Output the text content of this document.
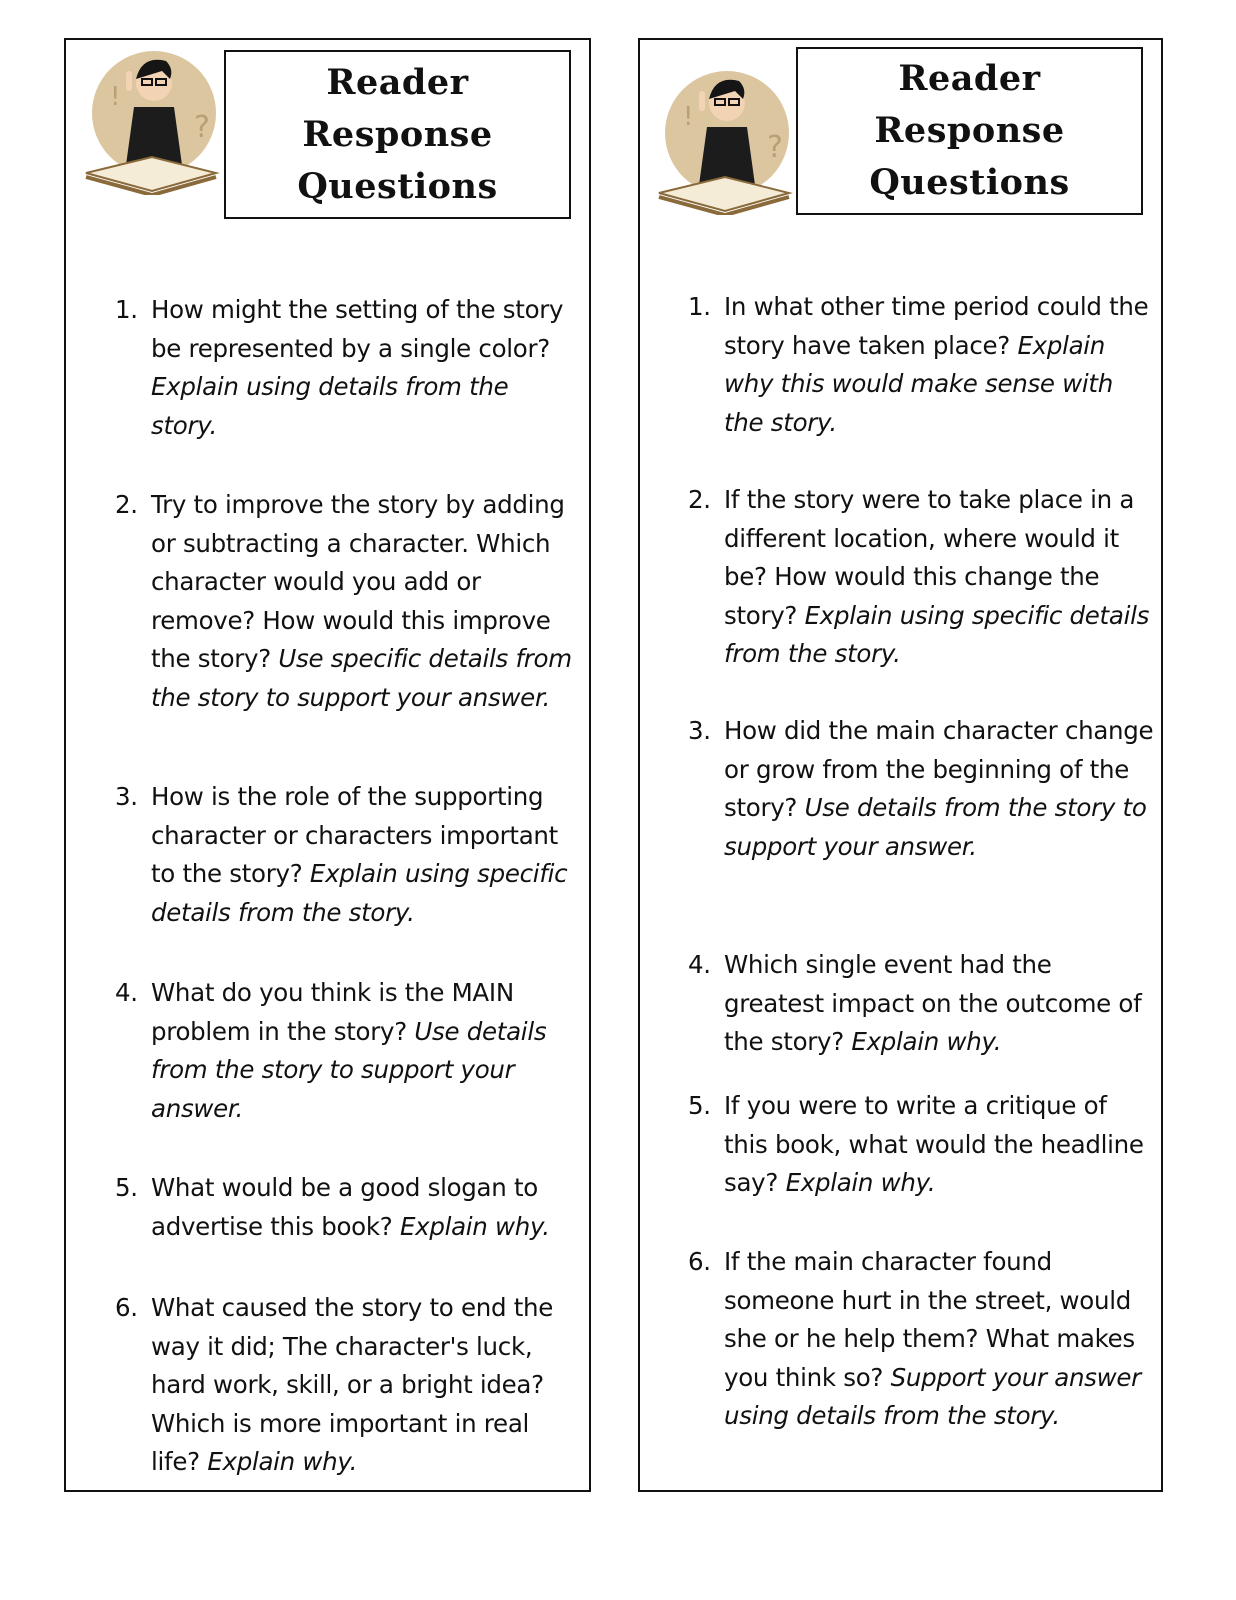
!
?	!
?
Reader
Response
Questions
Reader
Response
Questions
1. How might the setting of the story be represented by a single color? Explain using details from the story.
2. Try to improve the story by adding or subtracting a character. Which character would you add or remove? How would this improve the story? Use specific details from the story to support your answer.
3. How is the role of the supporting character or characters important to the story? Explain using specific details from the story.
4. What do you think is the MAIN problem in the story? Use details from the story to support your answer.
5. What would be a good slogan to advertise this book? Explain why.
6. What caused the story to end the way it did; The character's luck, hard work, skill, or a bright idea? Which is more important in real life? Explain why.
1. In what other time period could the story have taken place? Explain why this would make sense with the story.
2. If the story were to take place in a different location, where would it be? How would this change the story? Explain using specific details from the story.
3. How did the main character change or grow from the beginning of the story? Use details from the story to support your answer.
4. Which single event had the greatest impact on the outcome of the story? Explain why.
5. If you were to write a critique of this book, what would the headline say? Explain why.
6. If the main character found someone hurt in the street, would she or he help them? What makes you think so? Support your answer using details from the story.
